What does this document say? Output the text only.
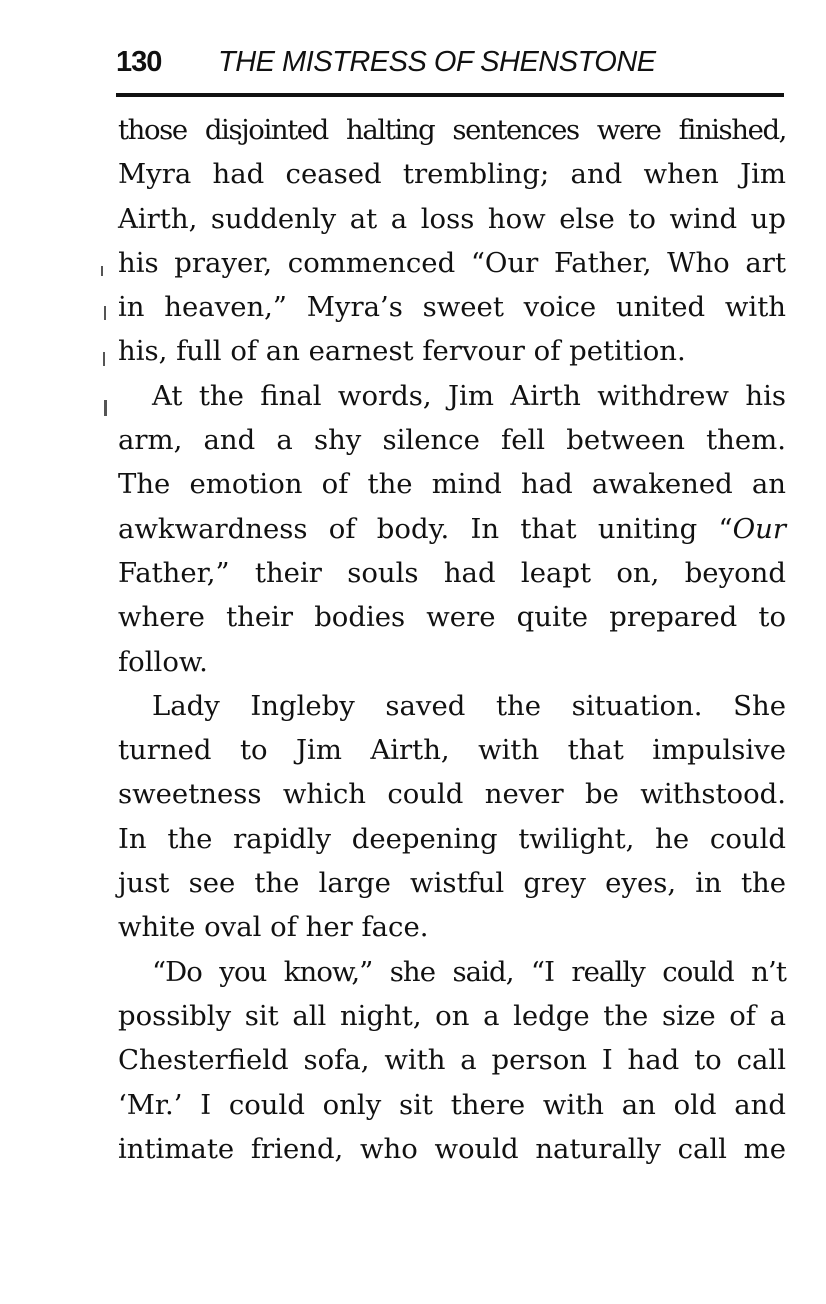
130 THE MISTRESS OF SHENSTONE
those disjointed halting sentences were finished,
Myra had ceased trembling; and when Jim
Airth, suddenly at a loss how else to wind up
his prayer, commenced “Our Father, Who art
in heaven,” Myra’s sweet voice united with
his, full of an earnest fervour of petition.
At the final words, Jim Airth withdrew his
arm, and a shy silence fell between them.
The emotion of the mind had awakened an
awkwardness of body. In that uniting “Our
Father,” their souls had leapt on, beyond
where their bodies were quite prepared to
follow.
Lady Ingleby saved the situation. She
turned to Jim Airth, with that impulsive
sweetness which could never be withstood.
In the rapidly deepening twilight, he could
just see the large wistful grey eyes, in the
white oval of her face.
“Do you know,” she said, “I really could n’t
possibly sit all night, on a ledge the size of a
Chesterfield sofa, with a person I had to call
‘Mr.’ I could only sit there with an old and
intimate friend, who would naturally call me
